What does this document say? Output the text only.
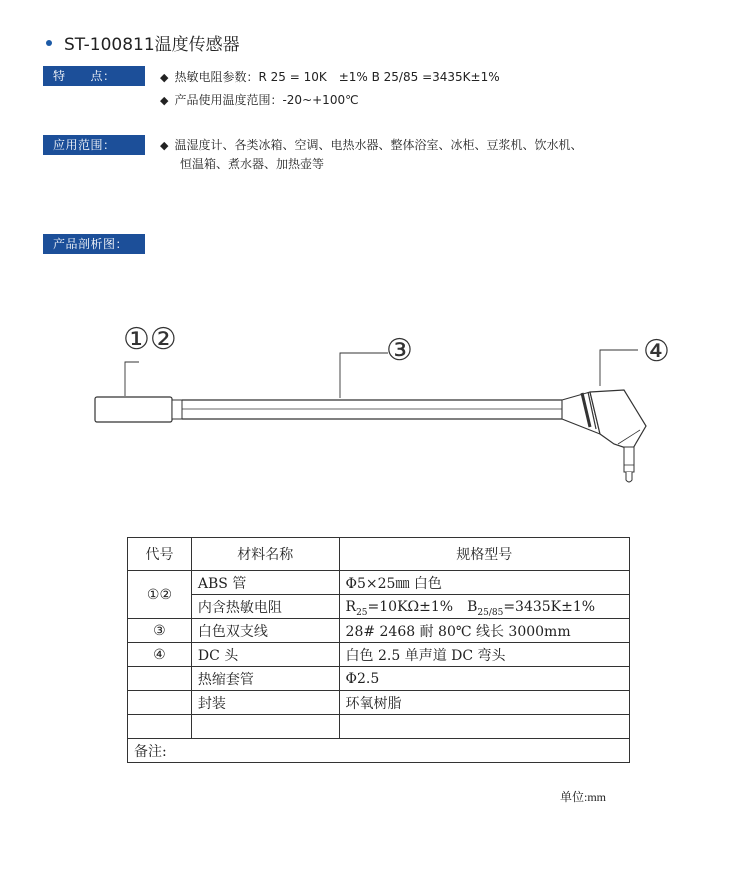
ST-100811温度传感器
特　　点：	◆ 热敏电阻参数：R 25 = 10K　±1% B 25/85 =3435K±1%
◆ 产品使用温度范围：-20~+100℃
应用范围：	◆ 温湿度计、各类冰箱、空调、电热水器、整体浴室、冰柜、豆浆机、饮水机、
恒温箱、煮水器、加热壶等
产品剖析图：
①②	③	④
代号	材料名称	规格型号
①②	ABS 管	Φ5×25㎜ 白色
	内含热敏电阻	$R_{25}=10K\Omega\pm 1\%$　$B_{25/85}=3435K\pm 1\%$
③	白色双支线	28# 2468 耐 80℃ 线长 3000mm
④	DC 头	白色 2.5 单声道 DC 弯头
	热缩套管	Φ2.5
	封装	环氧树脂

备注:		
单位:mm
